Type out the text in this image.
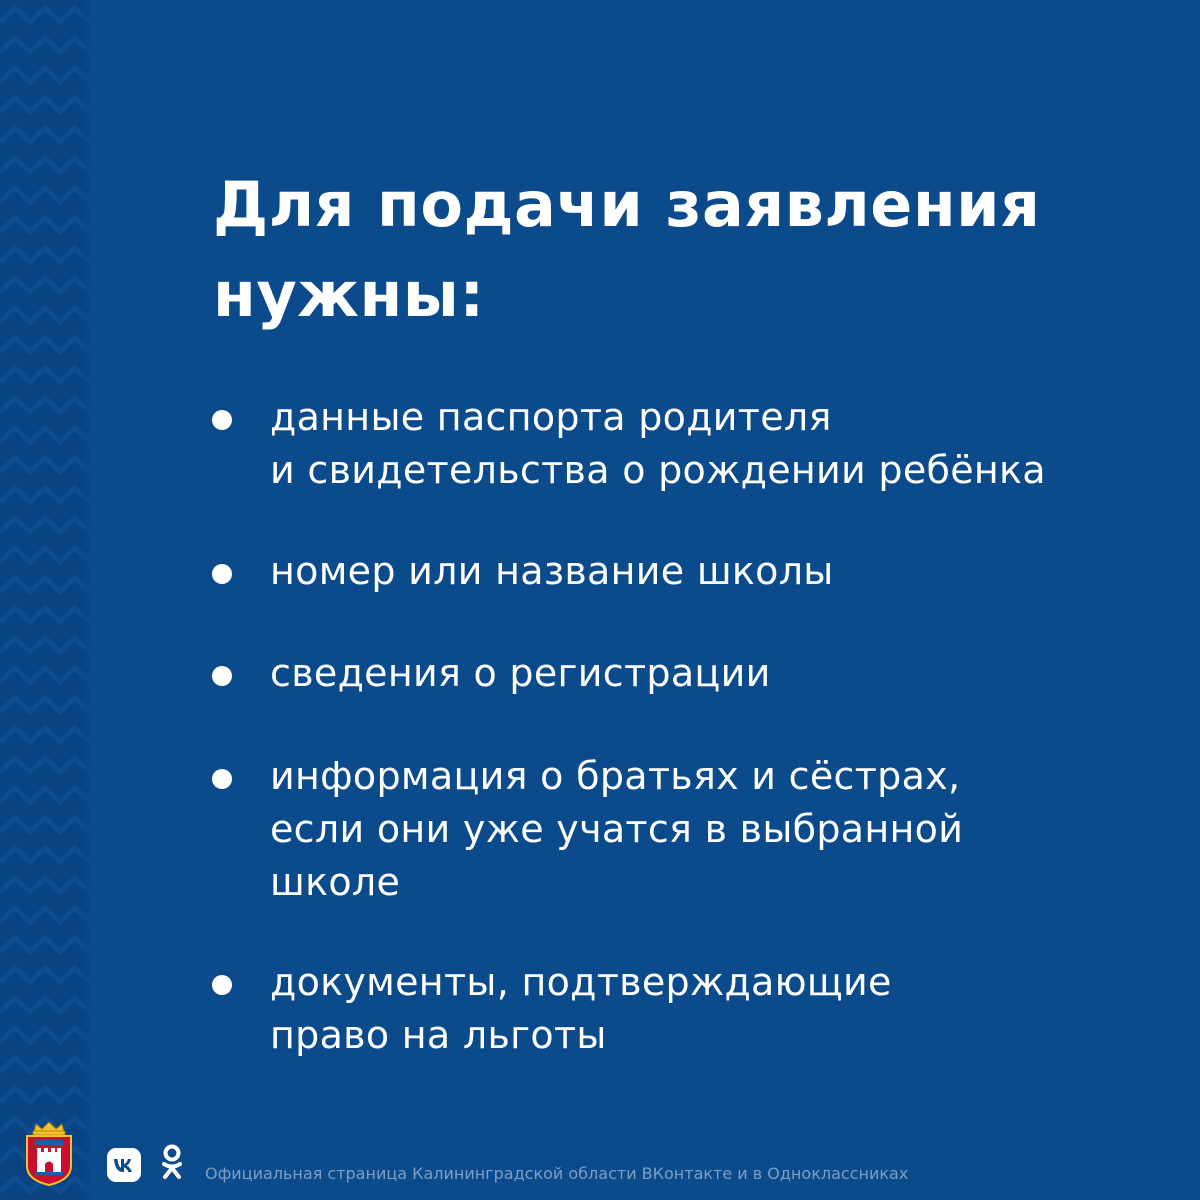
Для подачи заявления
нужны:
данные паспорта родителя
и свидетельства о рождении ребёнка
номер или название школы
сведения о регистрации
информация о братьях и сёстрах,
если они уже учатся в выбранной
школе
документы, подтверждающие
право на льготы
Официальная страница Калининградской области ВКонтакте и в Одноклассниках
